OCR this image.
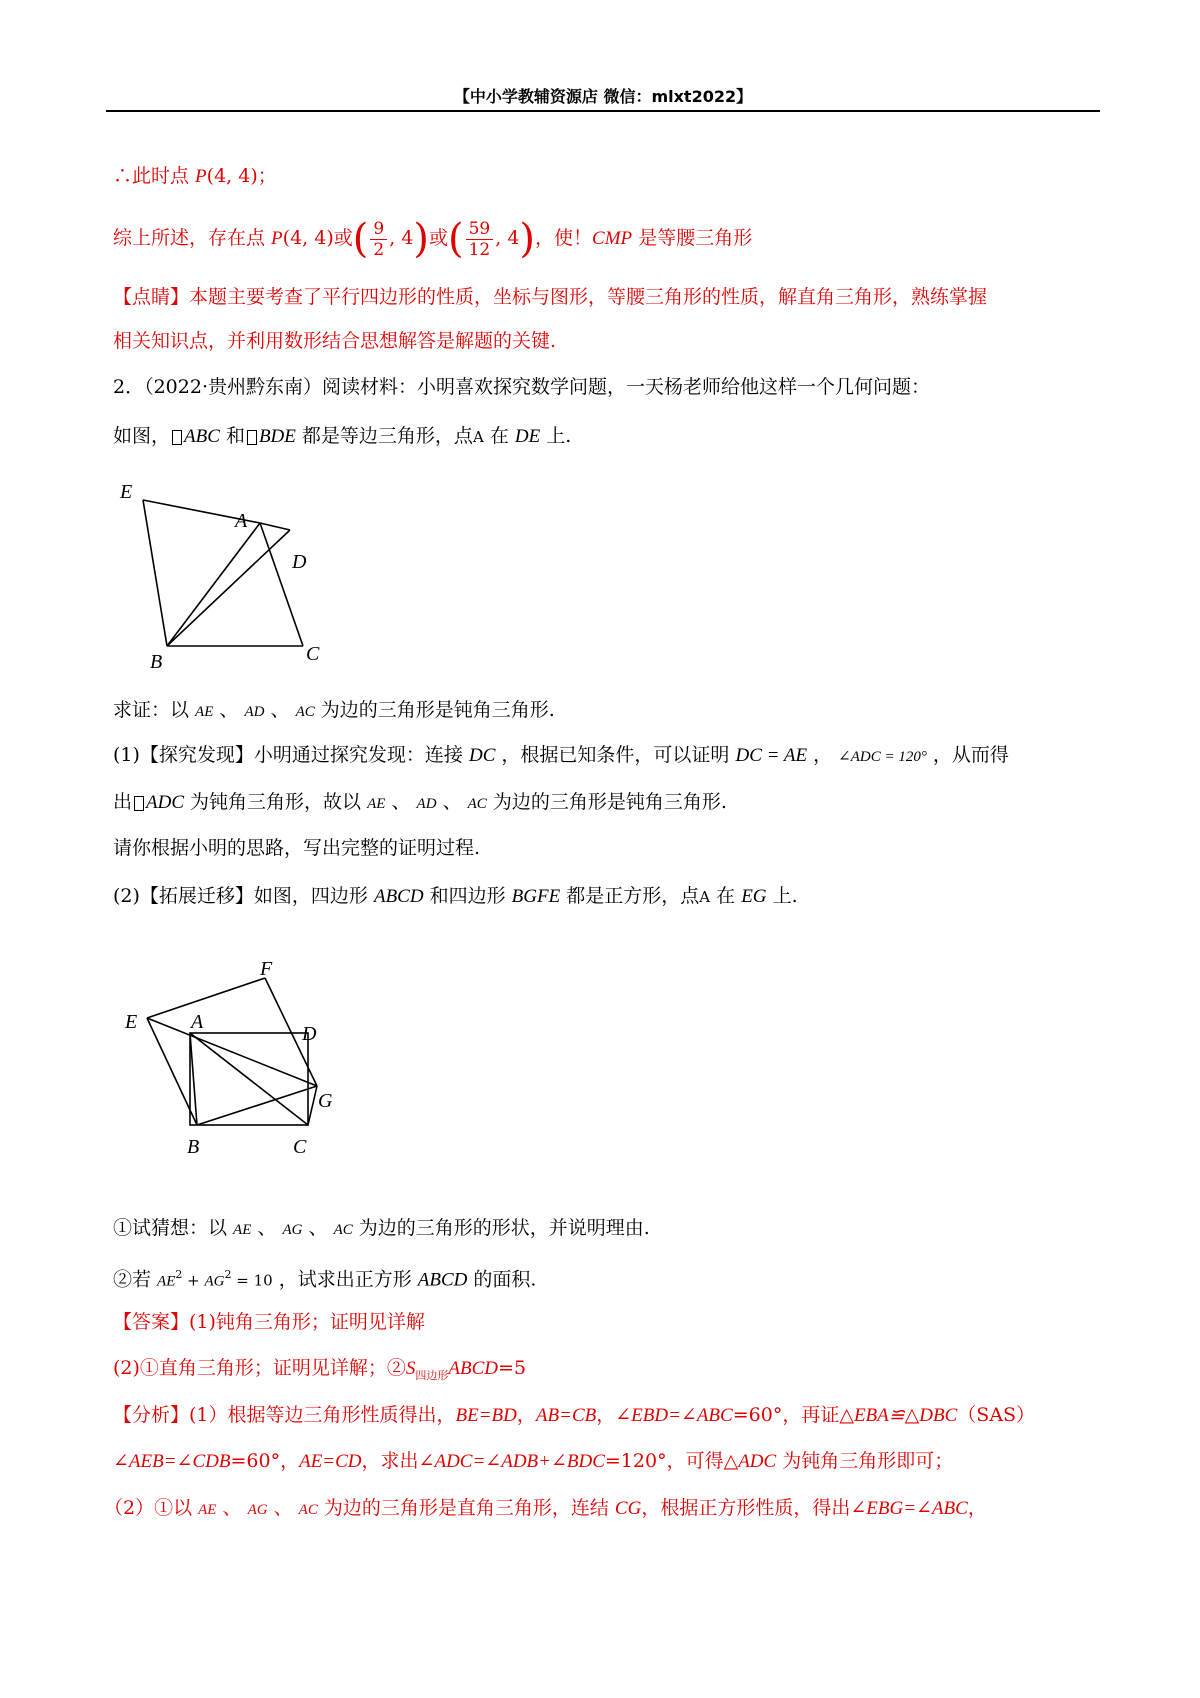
【中小学教辅资源店 微信：mlxt2022】
∴此时点 P(4, 4)；
综上所述，存在点 P(4, 4)或( $\frac{9}{2}$ , 4)或( $\frac{59}{12}$ , 4)，使！CMP 是等腰三角形
【点睛】本题主要考查了平行四边形的性质，坐标与图形，等腰三角形的性质，解直角三角形，熟练掌握
相关知识点，并利用数形结合思想解答是解题的关键.
2．（2022·贵州黔东南）阅读材料：小明喜欢探究数学问题，一天杨老师给他这样一个几何问题：
如图， ABC 和 BDE 都是等边三角形，点A 在 DE 上.
E
A
D
B	C
求证：以 AE 、 AD 、 AC 为边的三角形是钝角三角形.
(1)【探究发现】小明通过探究发现：连接 DC ，根据已知条件，可以证明 DC = AE ， ∠ADC = 120° ，从而得
出 ADC 为钝角三角形，故以 AE 、 AD 、 AC 为边的三角形是钝角三角形.
请你根据小明的思路，写出完整的证明过程.
(2)【拓展迁移】如图，四边形 ABCD 和四边形 BGFE 都是正方形，点A 在 EG 上.
F
E	A
D
G
B	C
①试猜想：以 AE 、 AG 、 AC 为边的三角形的形状，并说明理由.
②若 $AE^2 + AG^2 = 10$ ，试求出正方形 ABCD 的面积.
【答案】(1)钝角三角形；证明见详解
(2)①直角三角形；证明见详解；$②S_{四边形}ABCD=5$
【分析】(1）根据等边三角形性质得出，BE=BD，AB=CB，∠EBD=∠ABC=60°，再证△EBA≌△DBC（SAS）
∠AEB=∠CDB=60°，AE=CD，求出∠ADC=∠ADB+∠BDC=120°，可得△ADC 为钝角三角形即可；
（2）①以 AE 、 AG 、 AC 为边的三角形是直角三角形，连结 CG，根据正方形性质，得出∠EBG=∠ABC，
